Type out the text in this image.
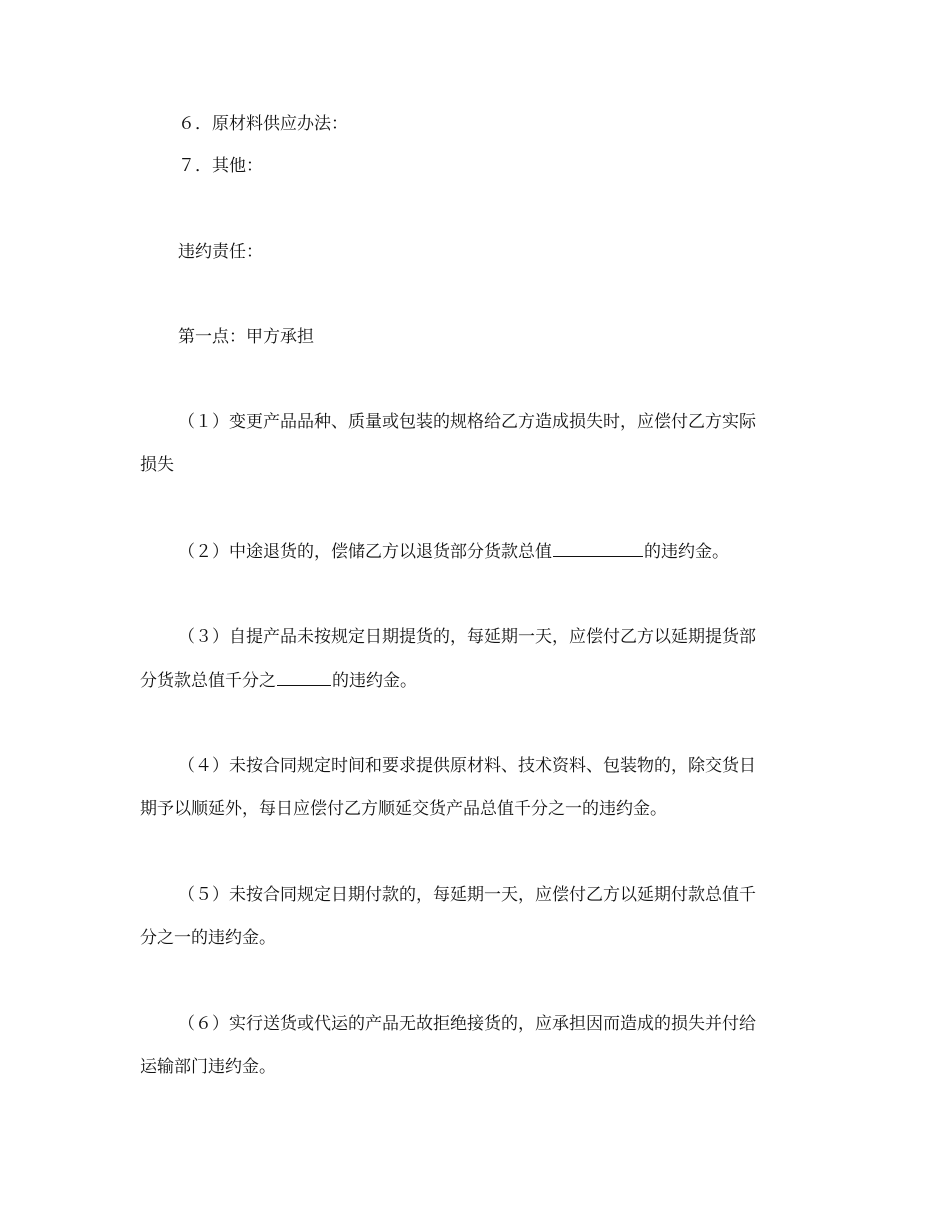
６．原材料供应办法：
７．其他：
违约责任：
第一点：甲方承担
（１）变更产品品种、质量或包装的规格给乙方造成损失时，应偿付乙方实际
损失
（２）中途退货的，偿储乙方以退货部分货款总值	的违约金。
（３）自提产品未按规定日期提货的，每延期一天，应偿付乙方以延期提货部
分货款总值千分之	的违约金。
（４）未按合同规定时间和要求提供原材料、技术资料、包装物的，除交货日
期予以顺延外，每日应偿付乙方顺延交货产品总值千分之一的违约金。
（５）未按合同规定日期付款的，每延期一天，应偿付乙方以延期付款总值千
分之一的违约金。
（６）实行送货或代运的产品无故拒绝接货的，应承担因而造成的损失并付给
运输部门违约金。
